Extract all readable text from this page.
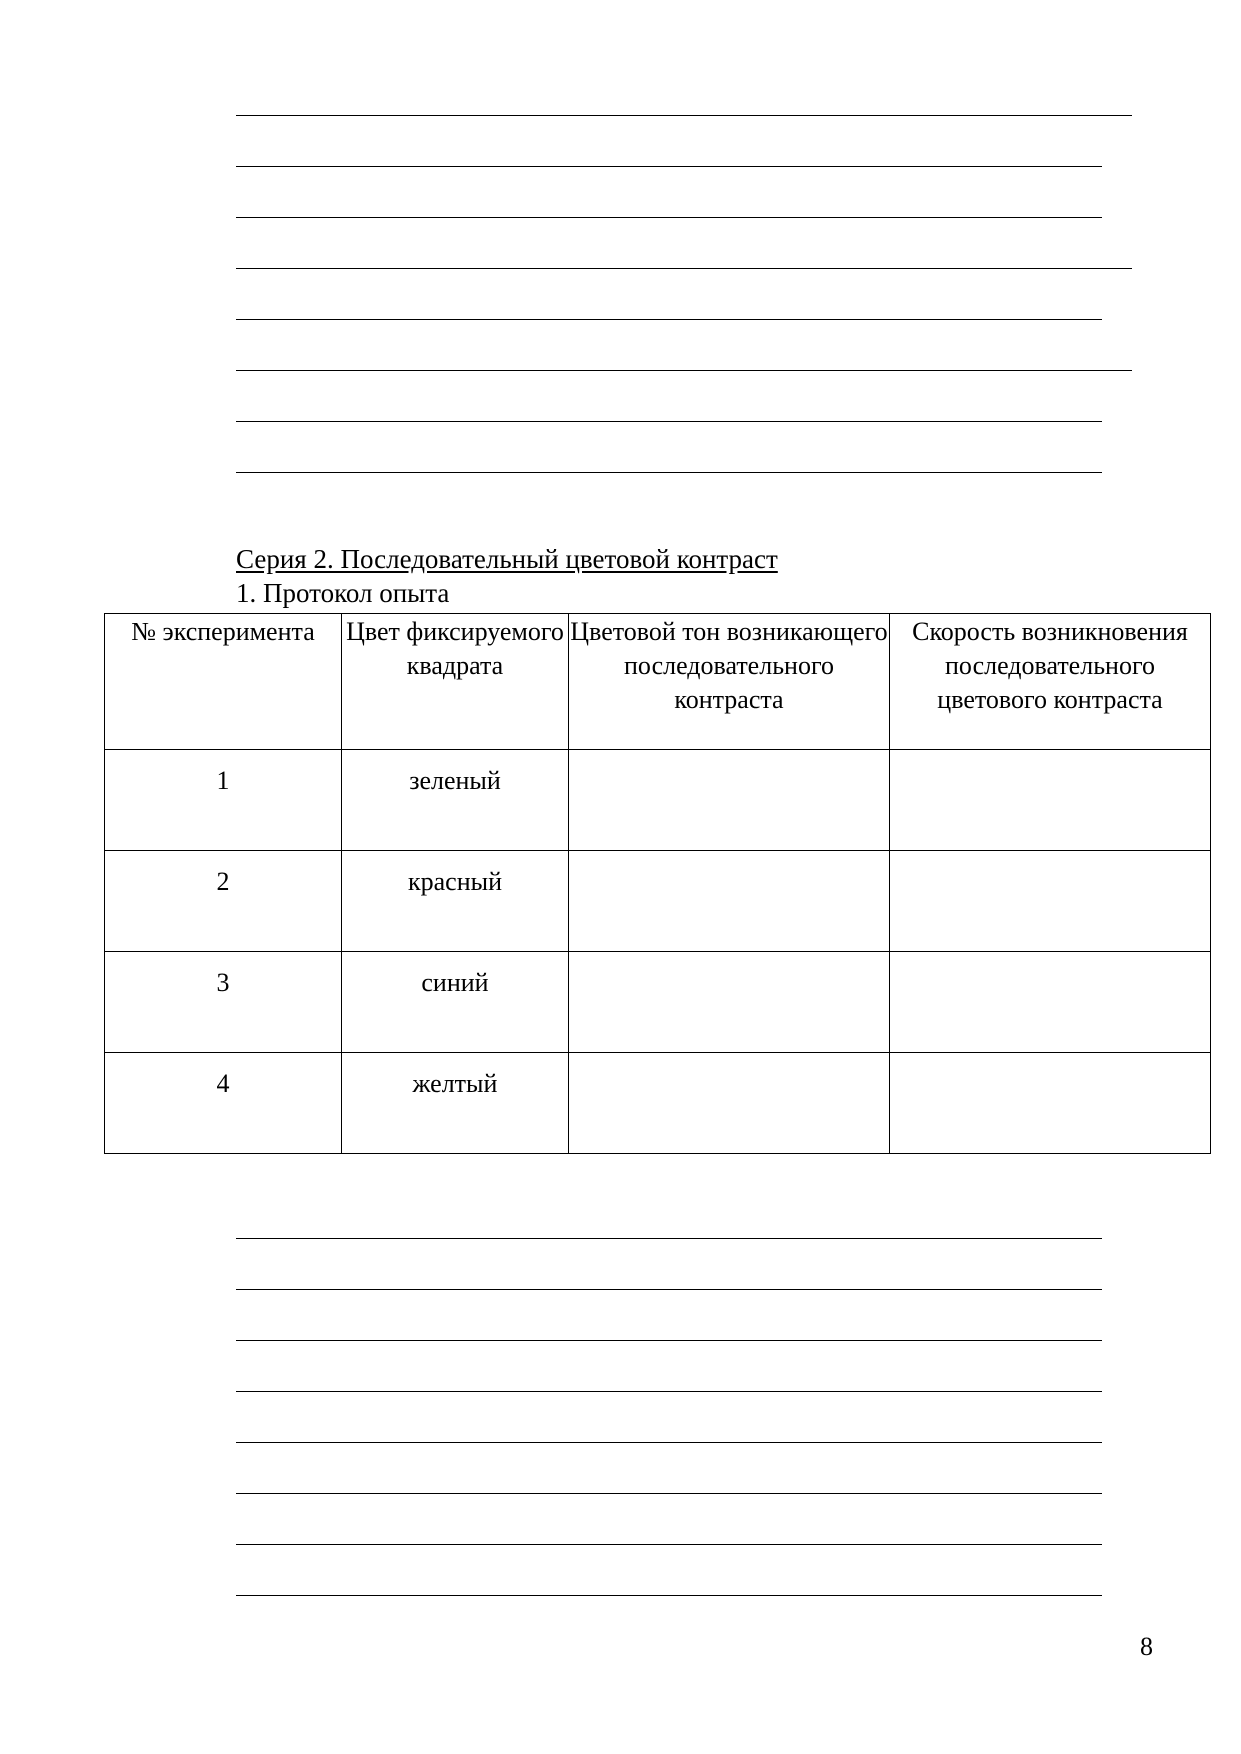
Серия 2. Последовательный цветовой контраст
1. Протокол опыта
№ эксперимента	Цвет фиксируемого квадрата	Цветовой тон возникающего последовательного контраста	Скорость возникновения последовательного цветового контраста
1	зеленый		
2	красный		
3	синий		
4	желтый		
8
